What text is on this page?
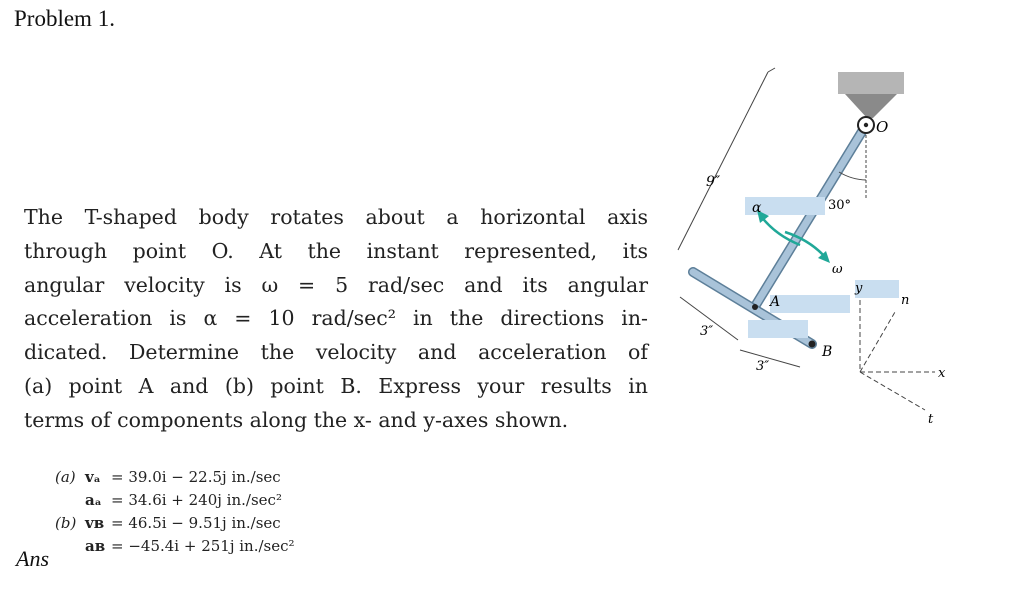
Problem 1.
The T-shaped body rotates about a horizontal axis
through point O. At the instant represented, its
angular velocity is ω = 5 rad/sec and its angular
acceleration is α = 10 rad/sec² in the directions in-
dicated. Determine the velocity and acceleration of
(a) point A and (b) point B. Express your results in
terms of components along the x- and y-axes shown.
(a) vₐ = 39.0i − 22.5j in./sec
aₐ = 34.6i + 240j in./sec²
(b) vʙ = 46.5i − 9.51j in./sec
aʙ = −45.4i + 251j in./sec²
Ans
O
30°
9″
3″
3″
α
ω
A
B
y
n
x
t
